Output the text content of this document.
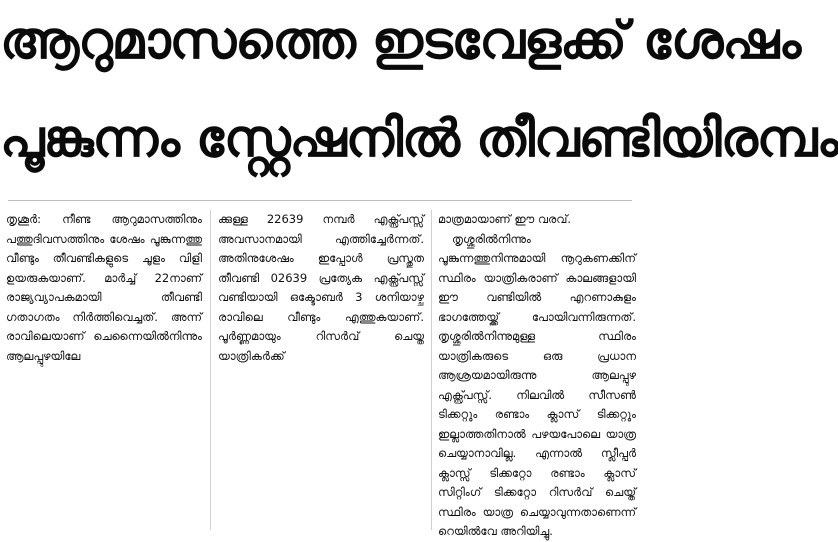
ആറുമാസത്തെ ഇടവേളക്ക് ശേഷം
പൂങ്കുന്നം സ്റ്റേഷനിൽ തീവണ്ടിയിരമ്പം

തൃശൂർ: നീണ്ട ആറുമാസത്തിനും പത്തുദിവസത്തിനും ശേഷം പൂങ്കുന്നത്തു വീണ്ടും തീവണ്ടികളുടെ ചൂളം വിളി ഉയരുകയാണ്. മാർച്ച് 22നാണ് രാജ്യവ്യാപകമായി തീവണ്ടി ഗതാഗതം നിർത്തിവെച്ചത്. അന്ന് രാവിലെയാണ് ചെന്നൈയിൽനിന്നും ആലപ്പുഴയിലേ

ക്കുള്ള 22639 നമ്പർ എക്സ്പ്രസ്സ് അവസാനമായി എത്തിച്ചേർന്നത്. അതിനുശേഷം ഇപ്പോൾ പ്രസ്തുത തീവണ്ടി 02639 പ്രത്യേക എക്സ്പ്രസ്സ് വണ്ടിയായി ഒക്ടോബർ 3 ശനിയാഴ്ച രാവിലെ വീണ്ടും എത്തുകയാണ്. പൂർണ്ണമായും റിസർവ് ചെയ്ത യാത്രികർക്ക്

മാത്രമായാണ് ഈ വരവ്.

തൃശ്ശൂരിൽനിന്നും പൂങ്കുന്നത്തുനിന്നുമായി നൂറുകണക്കിന് സ്ഥിരം യാത്രികരാണ് കാലങ്ങളായി ഈ വണ്ടിയിൽ എറണാകുളം ഭാഗത്തേയ്ക്ക് പോയിവന്നിരുന്നത്. തൃശ്ശൂരിൽനിന്നുമുള്ള സ്ഥിരം യാത്രികരുടെ ഒരു പ്രധാന ആശ്രയമായിരുന്നു ആലപ്പുഴ എക്സ്പ്രസ്സ്. നിലവിൽ സീസൺ ടിക്കറ്റും രണ്ടാം ക്ലാസ് ടിക്കറ്റും ഇല്ലാത്തതിനാൽ പഴയപോലെ യാത്ര ചെയ്യാനാവില്ല. എന്നാൽ സ്ലീപ്പർ ക്ലാസ്സ് ടിക്കറ്റോ രണ്ടാം ക്ലാസ് സിറ്റിംഗ് ടിക്കറ്റോ റിസർവ് ചെയ്ത് സ്ഥിരം യാത്ര ചെയ്യാവുന്നതാണെന്ന് റെയിൽവേ അറിയിച്ചു.
